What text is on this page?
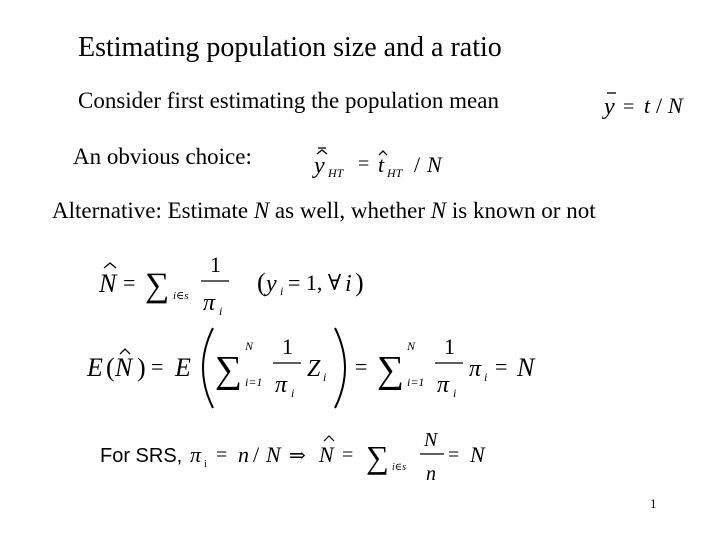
Estimating population size and a ratio
Consider first estimating the population mean	y = t / N
An obvious choice:	y HT = t HT / N
Alternative: Estimate N as well, whether N is known or not
N = ∑ i∈s
1
π i
( y i = 1, ∀ i )
E ( N ) = E ∑
N
i=1
1
π i
Z i = ∑
N
i=1
1
π i
π i = N
For SRS, π i = n / N ⇒ N = ∑ i∈s
N
n
= N
1
